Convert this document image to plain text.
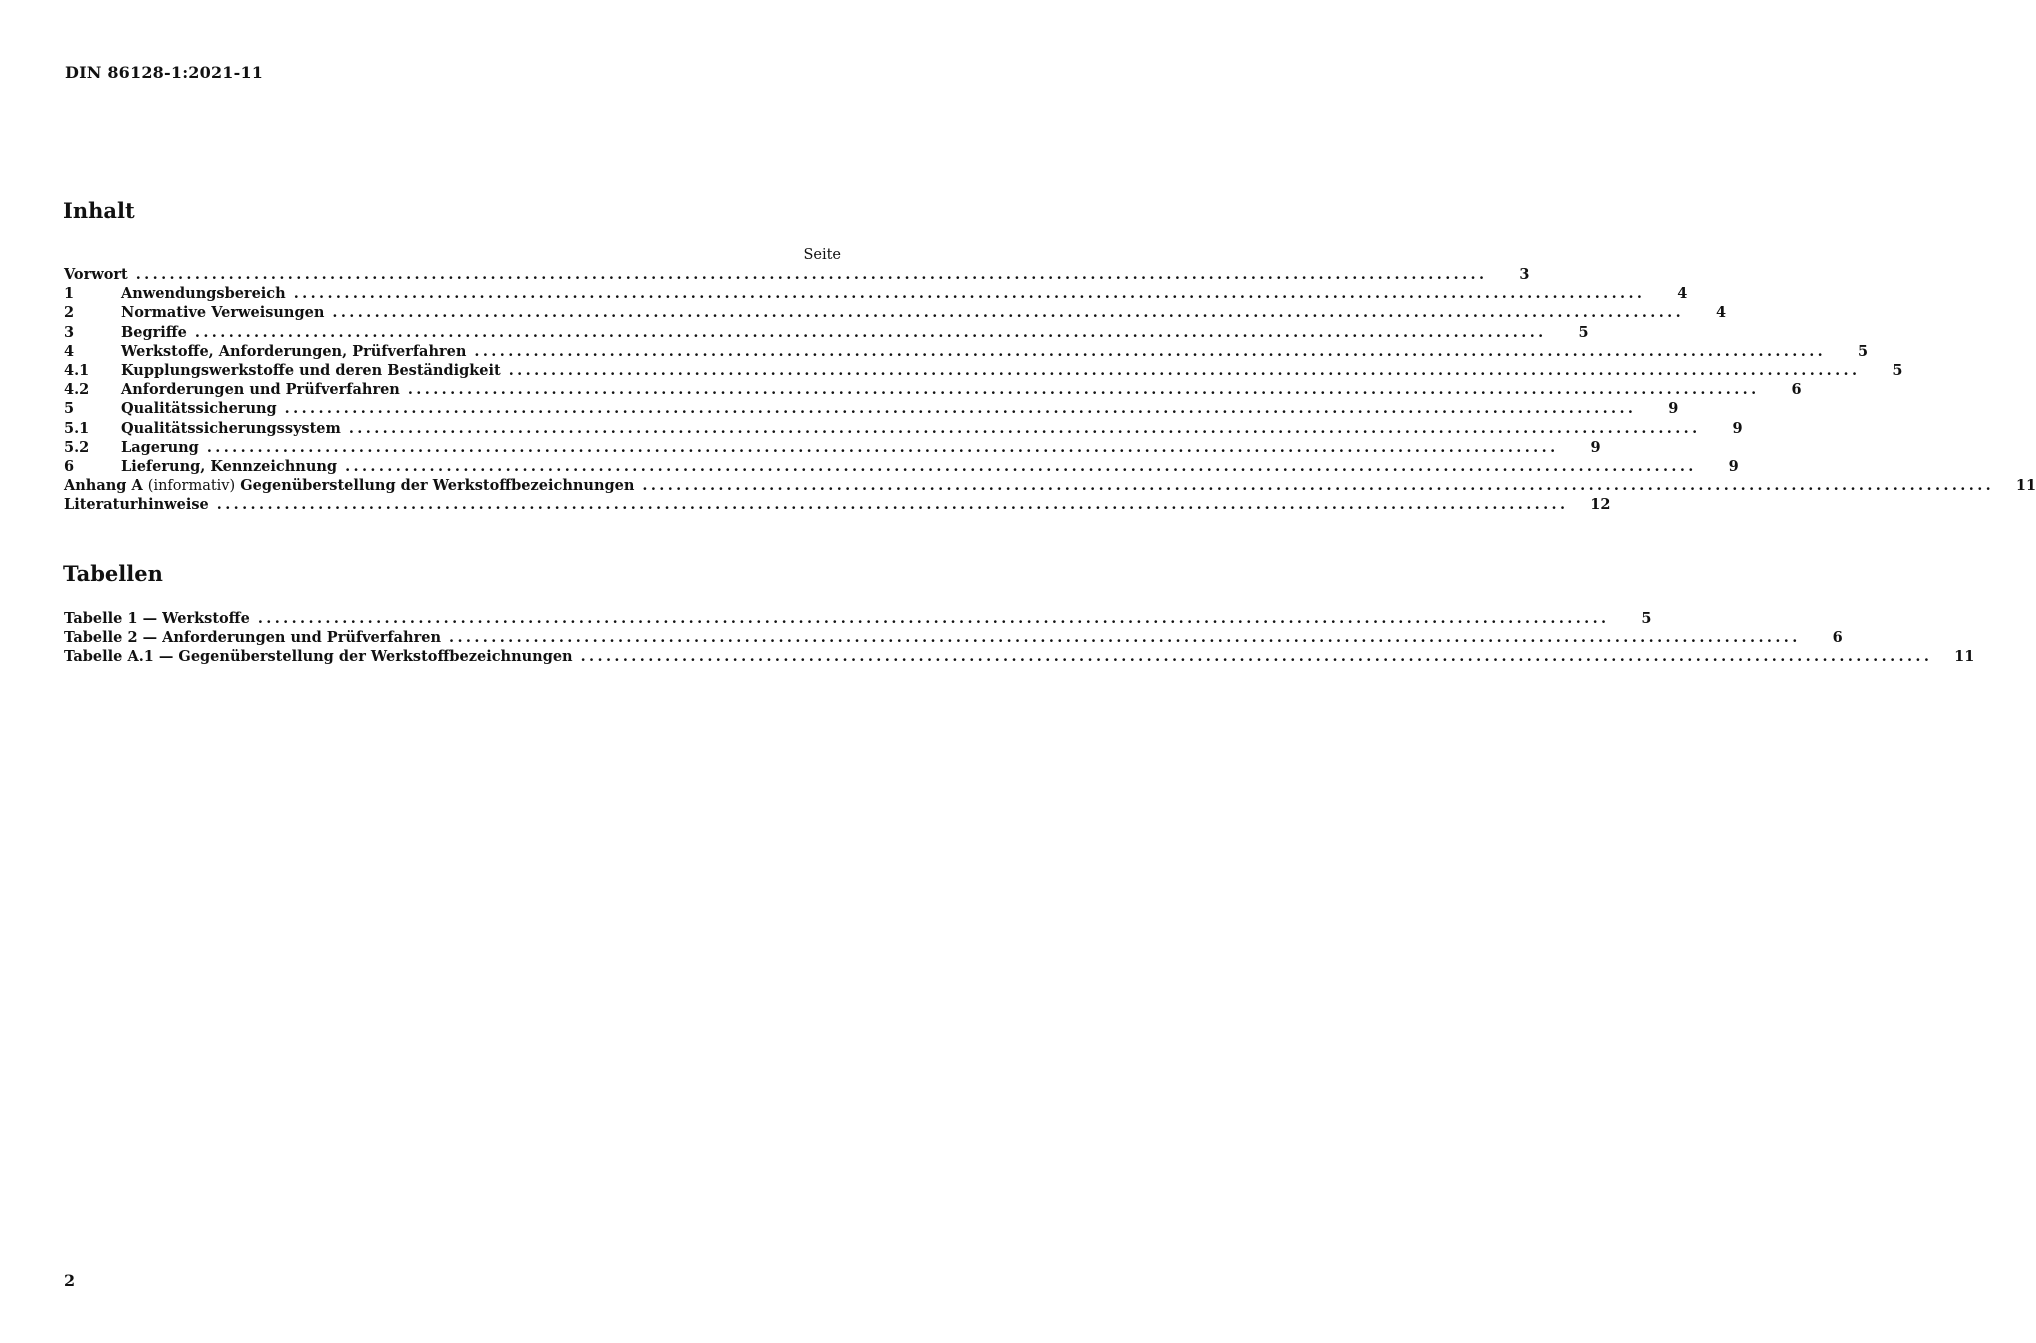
DIN 86128-1:2021-11
Inhalt
Seite
Vorwort ................................................................................................................................................................	3
1	Anwendungsbereich ................................................................................................................................................................	4
2	Normative Verweisungen ................................................................................................................................................................	4
3	Begriffe ................................................................................................................................................................	5
4	Werkstoffe, Anforderungen, Prüfverfahren ................................................................................................................................................................	5
4.1	Kupplungswerkstoffe und deren Beständigkeit ................................................................................................................................................................	5
4.2	Anforderungen und Prüfverfahren ................................................................................................................................................................	6
5	Qualitätssicherung ................................................................................................................................................................	9
5.1	Qualitätssicherungssystem ................................................................................................................................................................	9
5.2	Lagerung ................................................................................................................................................................	9
6	Lieferung, Kennzeichnung ................................................................................................................................................................	9
Anhang A (informativ) Gegenüberstellung der Werkstoffbezeichnungen ................................................................................................................................................................	11
Literaturhinweise ................................................................................................................................................................	12
Tabellen
Tabelle 1 — Werkstoffe ................................................................................................................................................................	5
Tabelle 2 — Anforderungen und Prüfverfahren ................................................................................................................................................................	6
Tabelle A.1 — Gegenüberstellung der Werkstoffbezeichnungen ................................................................................................................................................................	11
2
